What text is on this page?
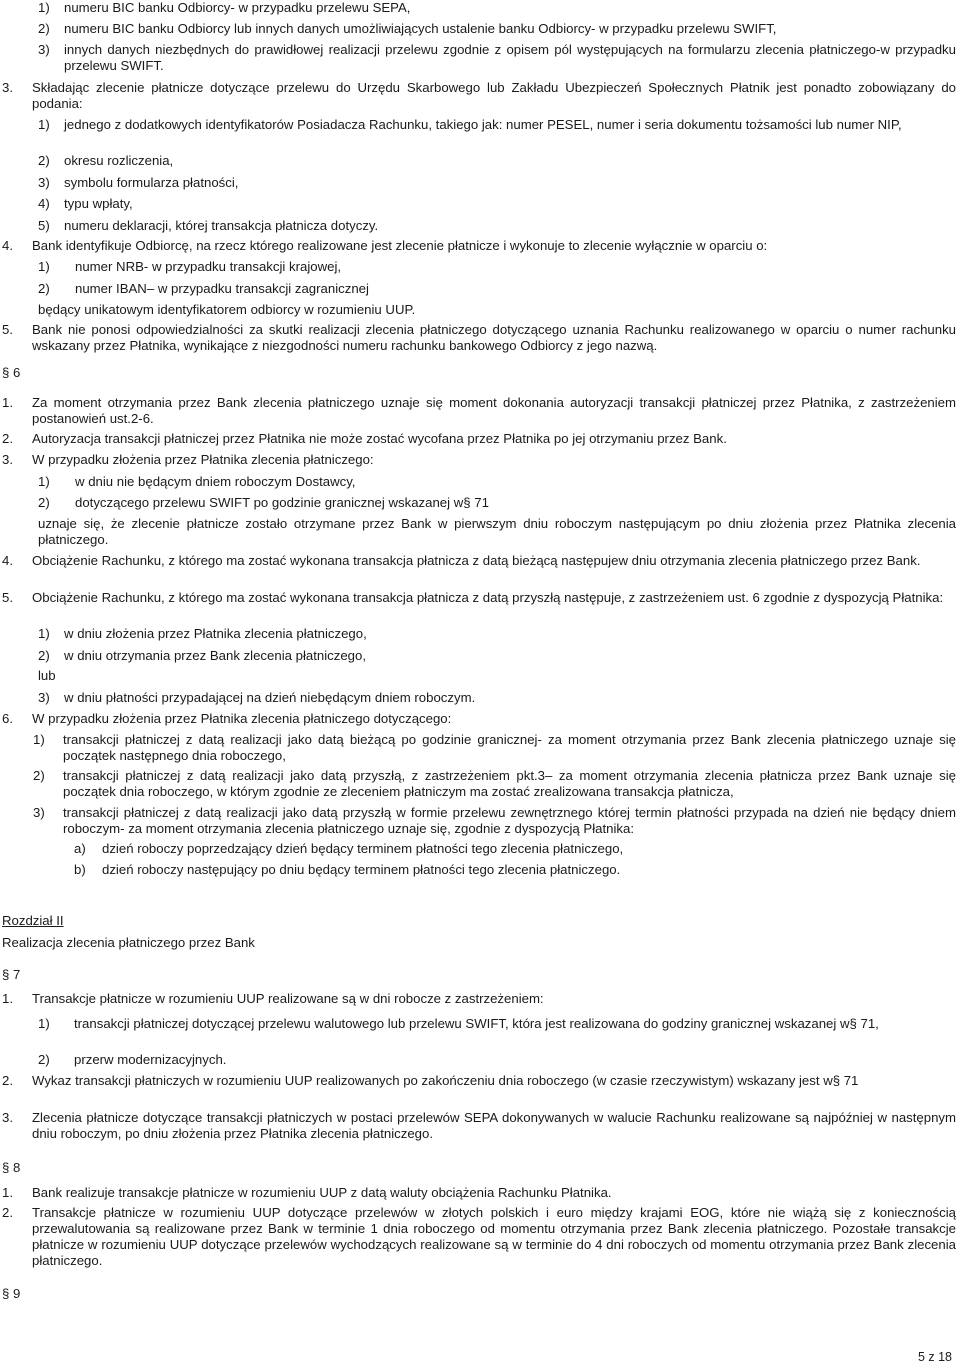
1)	numeru BIC banku Odbiorcy- w przypadku przelewu SEPA,
2)	numeru BIC banku Odbiorcy lub innych danych umożliwiających ustalenie banku Odbiorcy- w przypadku przelewu SWIFT,
3)	innych danych niezbędnych do prawidłowej realizacji przelewu zgodnie z opisem pól występujących na formularzu zlecenia płatniczego-w przypadku przelewu SWIFT.
3.	Składając zlecenie płatnicze dotyczące przelewu do Urzędu Skarbowego lub Zakładu Ubezpieczeń Społecznych Płatnik jest ponadto zobowiązany do podania:
1)	jednego z dodatkowych identyfikatorów Posiadacza Rachunku, takiego jak: numer PESEL, numer i seria dokumentu tożsamości lub numer NIP,
2)	okresu rozliczenia,
3)	symbolu formularza płatności,
4)	typu wpłaty,
5)	numeru deklaracji, której transakcja płatnicza dotyczy.
4.	Bank identyfikuje Odbiorcę, na rzecz którego realizowane jest zlecenie płatnicze i wykonuje to zlecenie wyłącznie w oparciu o:
1)	numer NRB- w przypadku transakcji krajowej,
2)	numer IBAN– w przypadku transakcji zagranicznej
będący unikatowym identyfikatorem odbiorcy w rozumieniu UUP.
5.	Bank nie ponosi odpowiedzialności za skutki realizacji zlecenia płatniczego dotyczącego uznania Rachunku realizowanego w oparciu o numer rachunku wskazany przez Płatnika, wynikające z niezgodności numeru rachunku bankowego Odbiorcy z jego nazwą.
§ 6
1.	Za moment otrzymania przez Bank zlecenia płatniczego uznaje się moment dokonania autoryzacji transakcji płatniczej przez Płatnika, z zastrzeżeniem postanowień ust.2-6.
2.	Autoryzacja transakcji płatniczej przez Płatnika nie może zostać wycofana przez Płatnika po jej otrzymaniu przez Bank.
3.	W przypadku złożenia przez Płatnika zlecenia płatniczego:
1)	w dniu nie będącym dniem roboczym Dostawcy,
2)	dotyczącego przelewu SWIFT po godzinie granicznej wskazanej w§ 71
uznaje się, że zlecenie płatnicze zostało otrzymane przez Bank w pierwszym dniu roboczym następującym po dniu złożenia przez Płatnika zlecenia płatniczego.
4.	Obciążenie Rachunku, z którego ma zostać wykonana transakcja płatnicza z datą bieżącą następujew dniu otrzymania zlecenia płatniczego przez Bank.
5.	Obciążenie Rachunku, z którego ma zostać wykonana transakcja płatnicza z datą przyszłą następuje, z zastrzeżeniem ust. 6 zgodnie z dyspozycją Płatnika:
1)	w dniu złożenia przez Płatnika zlecenia płatniczego,
2)	w dniu otrzymania przez Bank zlecenia płatniczego,
lub
3)	w dniu płatności przypadającej na dzień niebędącym dniem roboczym.
6.	W przypadku złożenia przez Płatnika zlecenia płatniczego dotyczącego:
1)	transakcji płatniczej z datą realizacji jako datą bieżącą po godzinie granicznej- za moment otrzymania przez Bank zlecenia płatniczego uznaje się początek następnego dnia roboczego,
2)	transakcji płatniczej z datą realizacji jako datą przyszłą, z zastrzeżeniem pkt.3– za moment otrzymania zlecenia płatnicza przez Bank uznaje się początek dnia roboczego, w którym zgodnie ze zleceniem płatniczym ma zostać zrealizowana transakcja płatnicza,
3)	transakcji płatniczej z datą realizacji jako datą przyszłą w formie przelewu zewnętrznego której termin płatności przypada na dzień nie będący dniem roboczym- za moment otrzymania zlecenia płatniczego uznaje się, zgodnie z dyspozycją Płatnika:
a)	dzień roboczy poprzedzający dzień będący terminem płatności tego zlecenia płatniczego,
b)	dzień roboczy następujący po dniu będący terminem płatności tego zlecenia płatniczego.
Rozdział II
Realizacja zlecenia płatniczego przez Bank
§ 7
1.	Transakcje płatnicze w rozumieniu UUP realizowane są w dni robocze z zastrzeżeniem:
1)	transakcji płatniczej dotyczącej przelewu walutowego lub przelewu SWIFT, która jest realizowana do godziny granicznej wskazanej w§ 71,
2)	przerw modernizacyjnych.
2.	Wykaz transakcji płatniczych w rozumieniu UUP realizowanych po zakończeniu dnia roboczego (w czasie rzeczywistym) wskazany jest w§ 71
3.	Zlecenia płatnicze dotyczące transakcji płatniczych w postaci przelewów SEPA dokonywanych w walucie Rachunku realizowane są najpóźniej w następnym dniu roboczym, po dniu złożenia przez Płatnika zlecenia płatniczego.
§ 8
1.	Bank realizuje transakcje płatnicze w rozumieniu UUP z datą waluty obciążenia Rachunku Płatnika.
2.	Transakcje płatnicze w rozumieniu UUP dotyczące przelewów w złotych polskich i euro między krajami EOG, które nie wiążą się z koniecznością przewalutowania są realizowane przez Bank w terminie 1 dnia roboczego od momentu otrzymania przez Bank zlecenia płatniczego. Pozostałe transakcje płatnicze w rozumieniu UUP dotyczące przelewów wychodzących realizowane są w terminie do 4 dni roboczych od momentu otrzymania przez Bank zlecenia płatniczego.
§ 9
5 z 18
